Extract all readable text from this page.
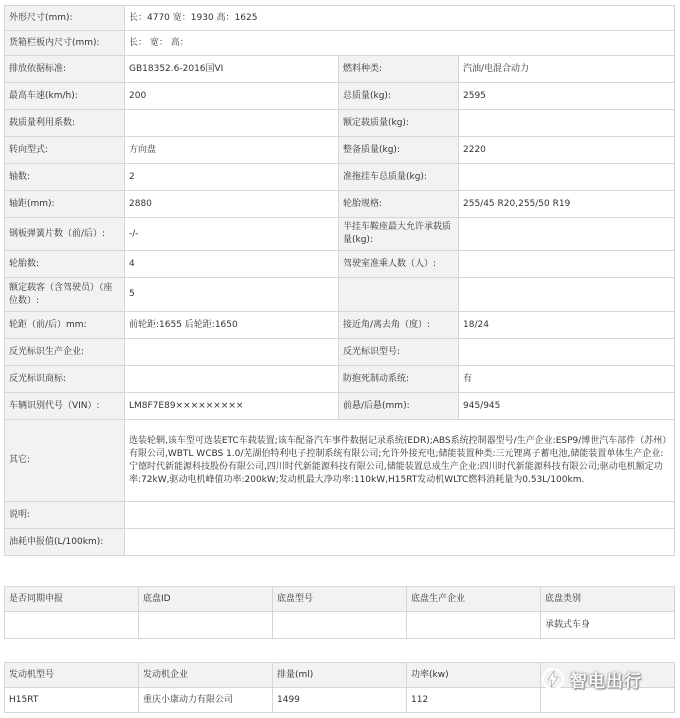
外形尺寸(mm):	长：4770 宽：1930 高：1625		
货箱栏板内尺寸(mm):	长： 宽： 高：		
排放依据标准:	GB18352.6-2016国VI	燃料种类:	汽油/电混合动力
最高车速(km/h):	200	总质量(kg):	2595
载质量利用系数:		额定载质量(kg):	
转向型式:	方向盘	整备质量(kg):	2220
轴数:	2	准拖挂车总质量(kg):	
轴距(mm):	2880	轮胎规格:	255/45 R20,255/50 R19
钢板弹簧片数（前/后）:	-/-	半挂车鞍座最大允许承载质量(kg):	
轮胎数:	4	驾驶室准乘人数（人）:	
额定载客（含驾驶员）（座位数）:	5		
轮距（前/后）mm:	前轮距:1655 后轮距:1650	接近角/离去角（度）:	18/24
反光标识生产企业:		反光标识型号:	
反光标识商标:		防抱死制动系统:	有
车辆识别代号（VIN）:	LM8F7E89×××××××××	前悬/后悬(mm):	945/945
其它:	选装轮辋,该车型可选装ETC车载装置;该车配备汽车事件数据记录系统(EDR);ABS系统控制器型号/生产企业:ESP9/博世汽车部件（苏州）有限公司,WBTL WCBS 1.0/芜湖伯特利电子控制系统有限公司;允许外接充电;储能装置种类:三元锂离子蓄电池,储能装置单体生产企业:宁德时代新能源科技股份有限公司,四川时代新能源科技有限公司,储能装置总成生产企业:四川时代新能源科技有限公司;驱动电机额定功率:72kW,驱动电机峰值功率:200kW;发动机最大净功率:110kW,H15RT发动机WLTC燃料消耗量为0.53L/100km.		
说明:			
油耗申报值(L/100km):			
是否同期申报	底盘ID	底盘型号	底盘生产企业	底盘类别
				承载式车身
发动机型号	发动机企业	排量(ml)	功率(kw)	
H15RT	重庆小康动力有限公司	1499	112	
智电出行
